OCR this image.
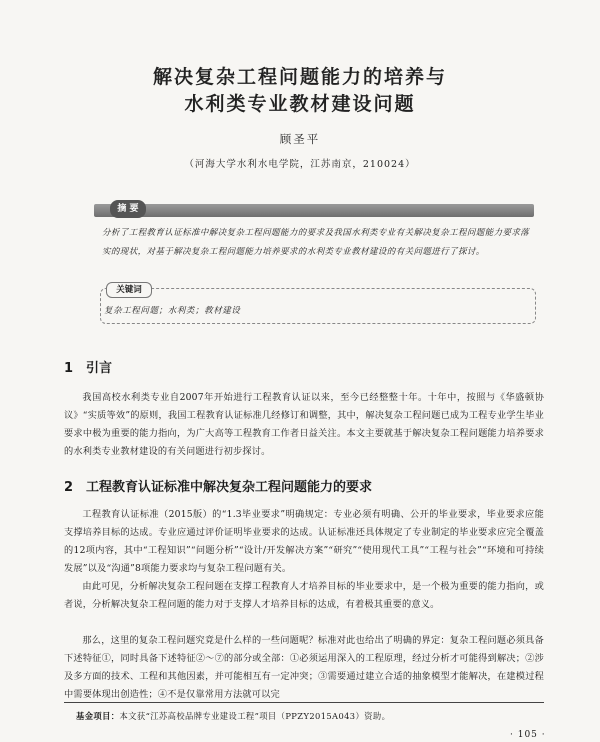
解决复杂工程问题能力的培养与
水利类专业教材建设问题
顾圣平
（河海大学水利水电学院，江苏南京，210024）
摘 要
分析了工程教育认证标准中解决复杂工程问题能力的要求及我国水利类专业有关解决复杂工程问题能力要求落实的现状，对基于解决复杂工程问题能力培养要求的水利类专业教材建设的有关问题进行了探讨。
关键词
复杂工程问题；水利类；教材建设
1 引言
我国高校水利类专业自2007年开始进行工程教育认证以来，至今已经整整十年。十年中，按照与《华盛顿协议》“实质等效”的原则，我国工程教育认证标准几经修订和调整，其中，解决复杂工程问题已成为工程专业学生毕业要求中极为重要的能力指向，为广大高等工程教育工作者日益关注。本文主要就基于解决复杂工程问题能力培养要求的水利类专业教材建设的有关问题进行初步探讨。
2 工程教育认证标准中解决复杂工程问题能力的要求
工程教育认证标准（2015版）的“1.3毕业要求”明确规定：专业必须有明确、公开的毕业要求，毕业要求应能支撑培养目标的达成。专业应通过评价证明毕业要求的达成。认证标准还具体规定了专业制定的毕业要求应完全覆盖的12项内容，其中“工程知识”“问题分析”“设计/开发解决方案”“研究”“使用现代工具”“工程与社会”“环境和可持续发展”以及“沟通”8项能力要求均与复杂工程问题有关。
由此可见，分析解决复杂工程问题在支撑工程教育人才培养目标的毕业要求中，是一个极为重要的能力指向，或者说，分析解决复杂工程问题的能力对于支撑人才培养目标的达成，有着极其重要的意义。
那么，这里的复杂工程问题究竟是什么样的一些问题呢？标准对此也给出了明确的界定：复杂工程问题必须具备下述特征①，同时具备下述特征②～⑦的部分或全部：①必须运用深入的工程原理，经过分析才可能得到解决；②涉及多方面的技术、工程和其他因素，并可能相互有一定冲突；③需要通过建立合适的抽象模型才能解决，在建模过程中需要体现出创造性；④不是仅靠常用方法就可以完
基金项目：本文获“江苏高校品牌专业建设工程”项目（PPZY2015A043）资助。
· 105 ·
